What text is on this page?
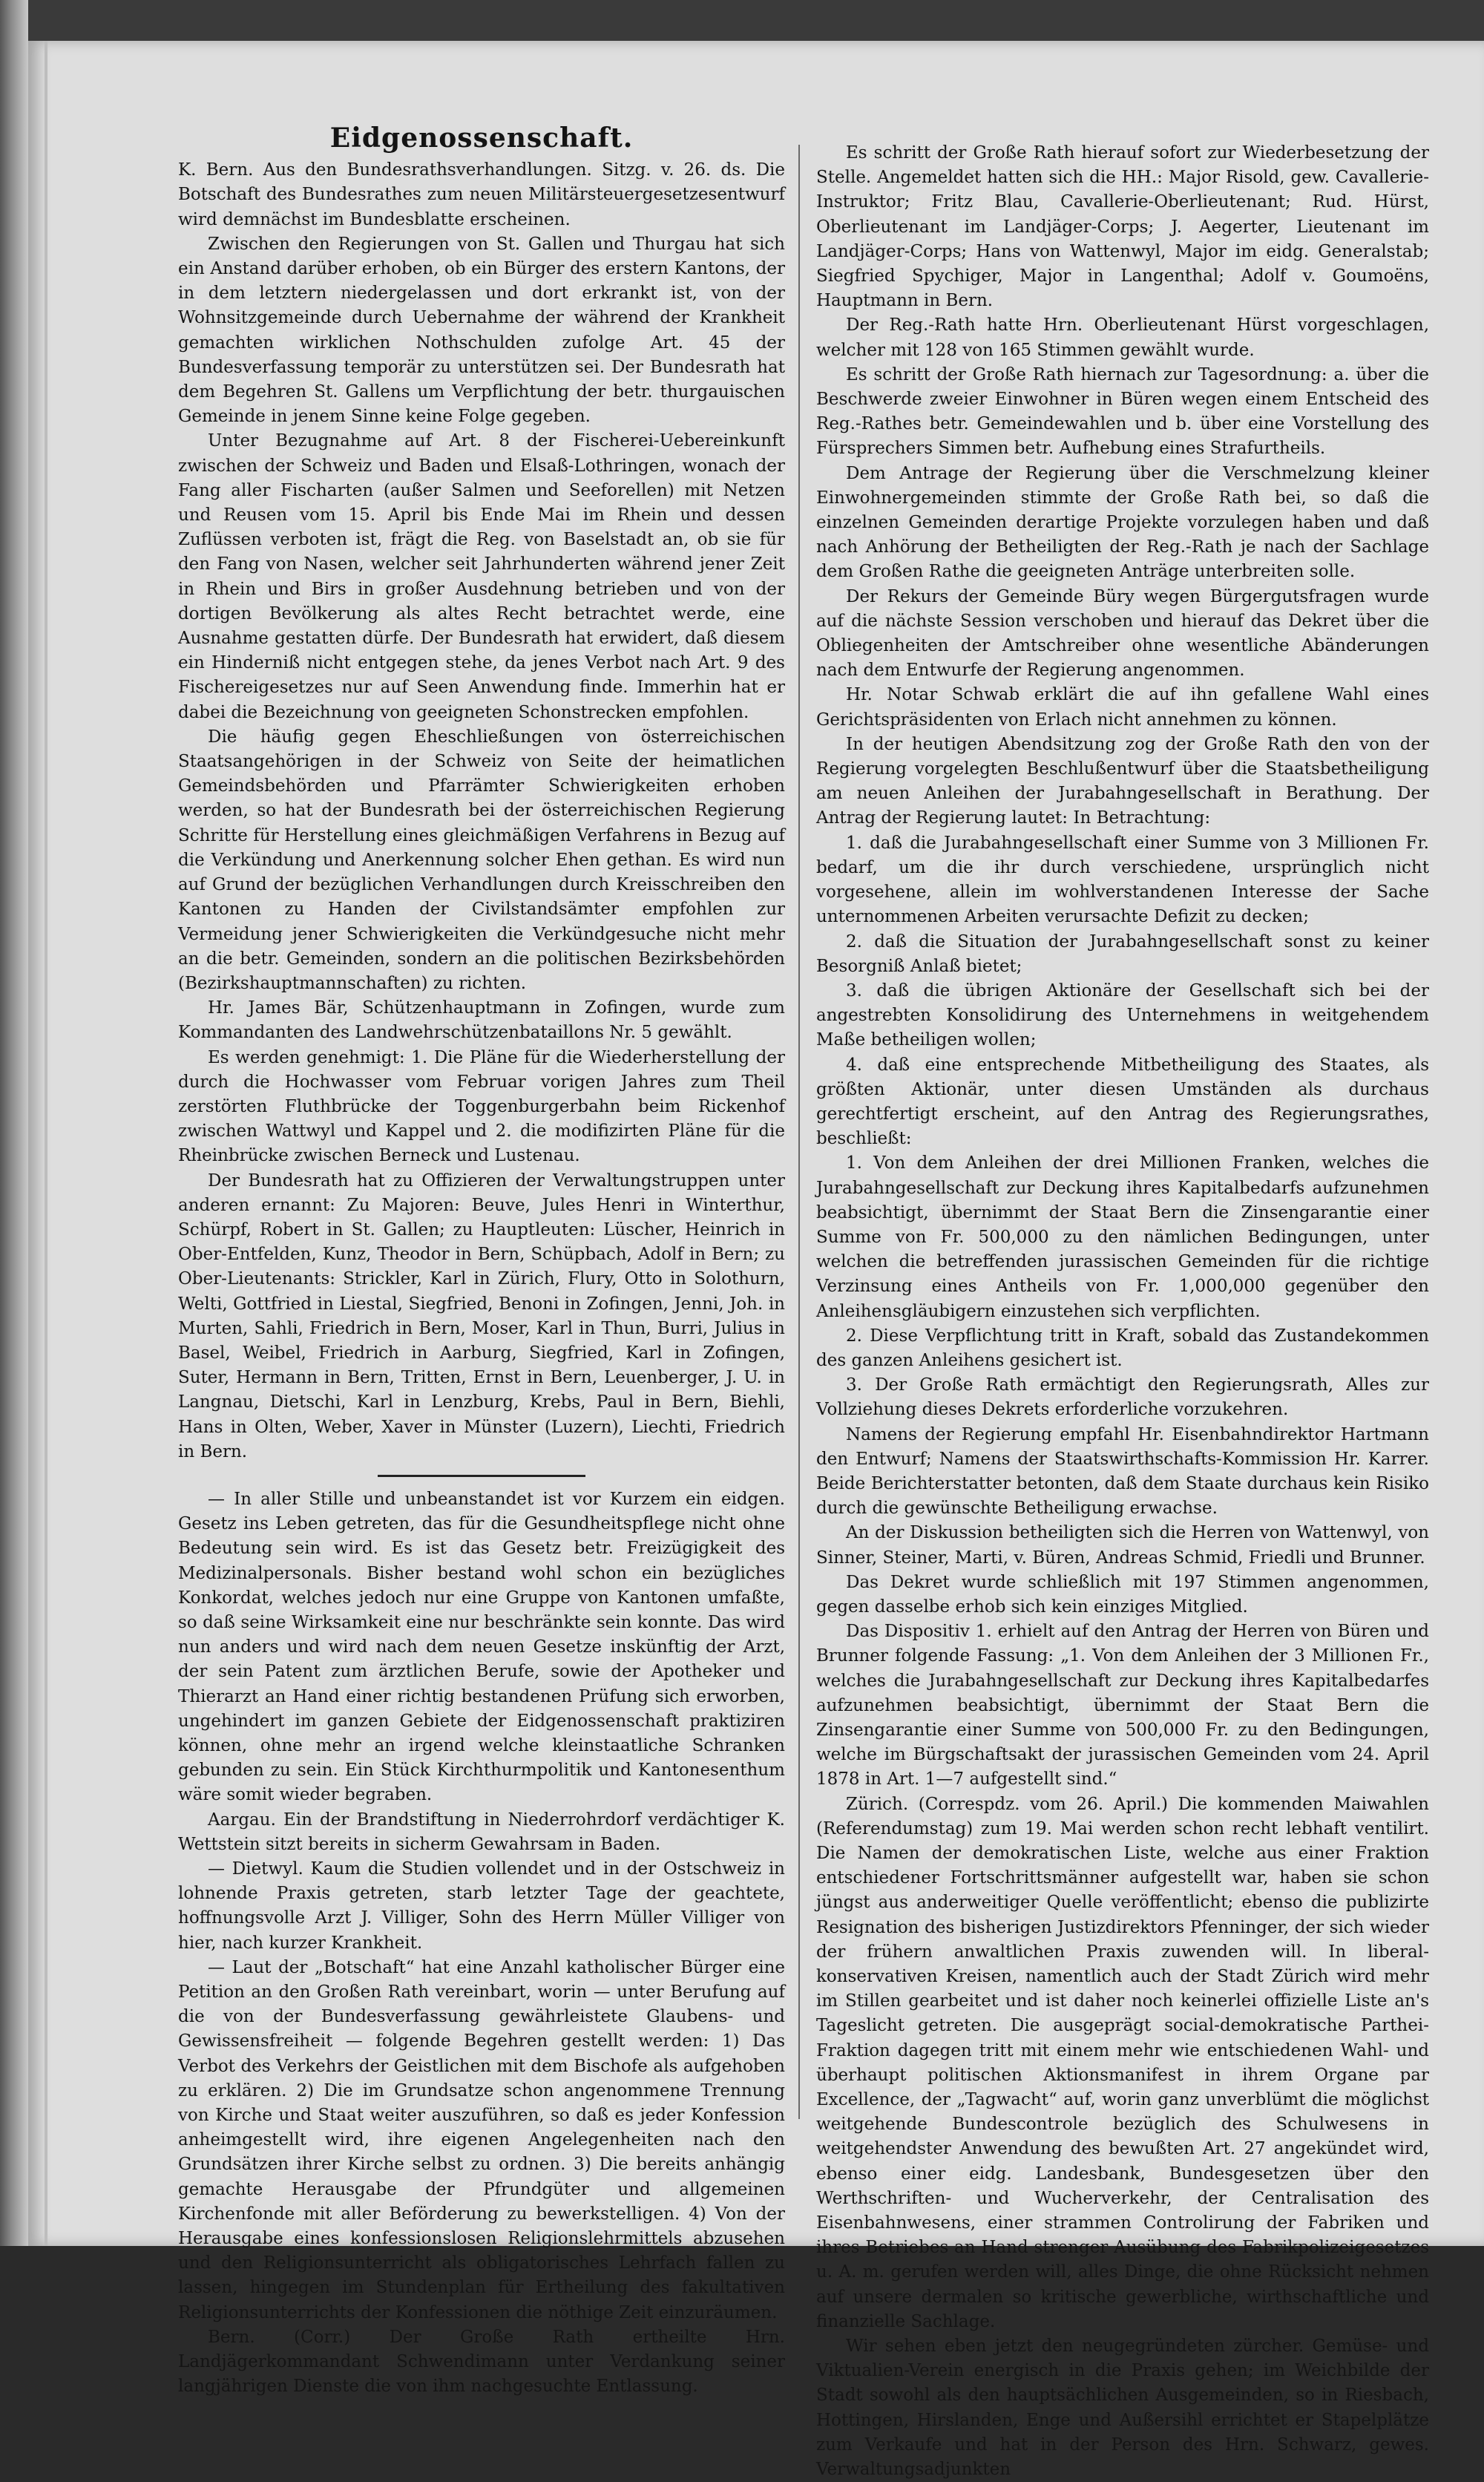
Eidgenossenschaft.

K. Bern. Aus den Bundesrathsverhandlungen. Sitzg. v. 26. ds. Die Botschaft des Bundesrathes zum neuen Militärsteuergesetzesentwurf wird demnächst im Bundesblatte erscheinen.

Zwischen den Regierungen von St. Gallen und Thurgau hat sich ein Anstand darüber erhoben, ob ein Bürger des erstern Kantons, der in dem letztern niedergelassen und dort erkrankt ist, von der Wohnsitzgemeinde durch Uebernahme der während der Krankheit gemachten wirklichen Nothschulden zufolge Art. 45 der Bundesverfassung temporär zu unterstützen sei. Der Bundesrath hat dem Begehren St. Gallens um Verpflichtung der betr. thurgauischen Gemeinde in jenem Sinne keine Folge gegeben.

Unter Bezugnahme auf Art. 8 der Fischerei-Uebereinkunft zwischen der Schweiz und Baden und Elsaß-Lothringen, wonach der Fang aller Fischarten (außer Salmen und Seeforellen) mit Netzen und Reusen vom 15. April bis Ende Mai im Rhein und dessen Zuflüssen verboten ist, frägt die Reg. von Baselstadt an, ob sie für den Fang von Nasen, welcher seit Jahrhunderten während jener Zeit in Rhein und Birs in großer Ausdehnung betrieben und von der dortigen Bevölkerung als altes Recht betrachtet werde, eine Ausnahme gestatten dürfe. Der Bundesrath hat erwidert, daß diesem ein Hinderniß nicht entgegen stehe, da jenes Verbot nach Art. 9 des Fischereigesetzes nur auf Seen Anwendung finde. Immerhin hat er dabei die Bezeichnung von geeigneten Schonstrecken empfohlen.

Die häufig gegen Eheschließungen von österreichischen Staatsangehörigen in der Schweiz von Seite der heimatlichen Gemeindsbehörden und Pfarrämter Schwierigkeiten erhoben werden, so hat der Bundesrath bei der österreichischen Regierung Schritte für Herstellung eines gleichmäßigen Verfahrens in Bezug auf die Verkündung und Anerkennung solcher Ehen gethan. Es wird nun auf Grund der bezüglichen Verhandlungen durch Kreisschreiben den Kantonen zu Handen der Civilstandsämter empfohlen zur Vermeidung jener Schwierigkeiten die Verkündgesuche nicht mehr an die betr. Gemeinden, sondern an die politischen Bezirksbehörden (Bezirkshauptmannschaften) zu richten.

Hr. James Bär, Schützenhauptmann in Zofingen, wurde zum Kommandanten des Landwehrschützenbataillons Nr. 5 gewählt.

Es werden genehmigt: 1. Die Pläne für die Wiederherstellung der durch die Hochwasser vom Februar vorigen Jahres zum Theil zerstörten Fluthbrücke der Toggenburgerbahn beim Rickenhof zwischen Wattwyl und Kappel und 2. die modifizirten Pläne für die Rheinbrücke zwischen Berneck und Lustenau.

Der Bundesrath hat zu Offizieren der Verwaltungstruppen unter anderen ernannt: Zu Majoren: Beuve, Jules Henri in Winterthur, Schürpf, Robert in St. Gallen; zu Hauptleuten: Lüscher, Heinrich in Ober-Entfelden, Kunz, Theodor in Bern, Schüpbach, Adolf in Bern; zu Ober-Lieutenants: Strickler, Karl in Zürich, Flury, Otto in Solothurn, Welti, Gottfried in Liestal, Siegfried, Benoni in Zofingen, Jenni, Joh. in Murten, Sahli, Friedrich in Bern, Moser, Karl in Thun, Burri, Julius in Basel, Weibel, Friedrich in Aarburg, Siegfried, Karl in Zofingen, Suter, Hermann in Bern, Tritten, Ernst in Bern, Leuenberger, J. U. in Langnau, Dietschi, Karl in Lenzburg, Krebs, Paul in Bern, Biehli, Hans in Olten, Weber, Xaver in Münster (Luzern), Liechti, Friedrich in Bern.

— In aller Stille und unbeanstandet ist vor Kurzem ein eidgen. Gesetz ins Leben getreten, das für die Gesundheitspflege nicht ohne Bedeutung sein wird. Es ist das Gesetz betr. Freizügigkeit des Medizinalpersonals. Bisher bestand wohl schon ein bezügliches Konkordat, welches jedoch nur eine Gruppe von Kantonen umfaßte, so daß seine Wirksamkeit eine nur beschränkte sein konnte. Das wird nun anders und wird nach dem neuen Gesetze inskünftig der Arzt, der sein Patent zum ärztlichen Berufe, sowie der Apotheker und Thierarzt an Hand einer richtig bestandenen Prüfung sich erworben, ungehindert im ganzen Gebiete der Eidgenossenschaft praktiziren können, ohne mehr an irgend welche kleinstaatliche Schranken gebunden zu sein. Ein Stück Kirchthurmpolitik und Kantonesenthum wäre somit wieder begraben.

Aargau. Ein der Brandstiftung in Niederrohrdorf verdächtiger K. Wettstein sitzt bereits in sicherm Gewahrsam in Baden.

— Dietwyl. Kaum die Studien vollendet und in der Ostschweiz in lohnende Praxis getreten, starb letzter Tage der geachtete, hoffnungsvolle Arzt J. Villiger, Sohn des Herrn Müller Villiger von hier, nach kurzer Krankheit.

— Laut der „Botschaft“ hat eine Anzahl katholischer Bürger eine Petition an den Großen Rath vereinbart, worin — unter Berufung auf die von der Bundesverfassung gewährleistete Glaubens- und Gewissensfreiheit — folgende Begehren gestellt werden: 1) Das Verbot des Verkehrs der Geistlichen mit dem Bischofe als aufgehoben zu erklären. 2) Die im Grundsatze schon angenommene Trennung von Kirche und Staat weiter auszuführen, so daß es jeder Konfession anheimgestellt wird, ihre eigenen Angelegenheiten nach den Grundsätzen ihrer Kirche selbst zu ordnen. 3) Die bereits anhängig gemachte Herausgabe der Pfrundgüter und allgemeinen Kirchenfonde mit aller Beförderung zu bewerkstelligen. 4) Von der Herausgabe eines konfessionslosen Religionslehrmittels abzusehen und den Religionsunterricht als obligatorisches Lehrfach fallen zu lassen, hingegen im Stundenplan für Ertheilung des fakultativen Religionsunterrichts der Konfessionen die nöthige Zeit einzuräumen.

Bern. (Corr.) Der Große Rath ertheilte Hrn. Landjägerkommandant Schwendimann unter Verdankung seiner langjährigen Dienste die von ihm nachgesuchte Entlassung.

Es schritt der Große Rath hierauf sofort zur Wiederbesetzung der Stelle. Angemeldet hatten sich die HH.: Major Risold, gew. Cavallerie-Instruktor; Fritz Blau, Cavallerie-Oberlieutenant; Rud. Hürst, Oberlieutenant im Landjäger-Corps; J. Aegerter, Lieutenant im Landjäger-Corps; Hans von Wattenwyl, Major im eidg. Generalstab; Siegfried Spychiger, Major in Langenthal; Adolf v. Goumoëns, Hauptmann in Bern.

Der Reg.-Rath hatte Hrn. Oberlieutenant Hürst vorgeschlagen, welcher mit 128 von 165 Stimmen gewählt wurde.

Es schritt der Große Rath hiernach zur Tagesordnung: a. über die Beschwerde zweier Einwohner in Büren wegen einem Entscheid des Reg.-Rathes betr. Gemeindewahlen und b. über eine Vorstellung des Fürsprechers Simmen betr. Aufhebung eines Strafurtheils.

Dem Antrage der Regierung über die Verschmelzung kleiner Einwohnergemeinden stimmte der Große Rath bei, so daß die einzelnen Gemeinden derartige Projekte vorzulegen haben und daß nach Anhörung der Betheiligten der Reg.-Rath je nach der Sachlage dem Großen Rathe die geeigneten Anträge unterbreiten solle.

Der Rekurs der Gemeinde Büry wegen Bürgergutsfragen wurde auf die nächste Session verschoben und hierauf das Dekret über die Obliegenheiten der Amtschreiber ohne wesentliche Abänderungen nach dem Entwurfe der Regierung angenommen.

Hr. Notar Schwab erklärt die auf ihn gefallene Wahl eines Gerichtspräsidenten von Erlach nicht annehmen zu können.

In der heutigen Abendsitzung zog der Große Rath den von der Regierung vorgelegten Beschlußentwurf über die Staatsbetheiligung am neuen Anleihen der Jurabahngesellschaft in Berathung. Der Antrag der Regierung lautet: In Betrachtung:

1. daß die Jurabahngesellschaft einer Summe von 3 Millionen Fr. bedarf, um die ihr durch verschiedene, ursprünglich nicht vorgesehene, allein im wohlverstandenen Interesse der Sache unternommenen Arbeiten verursachte Defizit zu decken;

2. daß die Situation der Jurabahngesellschaft sonst zu keiner Besorgniß Anlaß bietet;

3. daß die übrigen Aktionäre der Gesellschaft sich bei der angestrebten Konsolidirung des Unternehmens in weitgehendem Maße betheiligen wollen;

4. daß eine entsprechende Mitbetheiligung des Staates, als größten Aktionär, unter diesen Umständen als durchaus gerechtfertigt erscheint, auf den Antrag des Regierungsrathes, beschließt:

1. Von dem Anleihen der drei Millionen Franken, welches die Jurabahngesellschaft zur Deckung ihres Kapitalbedarfs aufzunehmen beabsichtigt, übernimmt der Staat Bern die Zinsengarantie einer Summe von Fr. 500,000 zu den nämlichen Bedingungen, unter welchen die betreffenden jurassischen Gemeinden für die richtige Verzinsung eines Antheils von Fr. 1,000,000 gegenüber den Anleihensgläubigern einzustehen sich verpflichten.

2. Diese Verpflichtung tritt in Kraft, sobald das Zustandekommen des ganzen Anleihens gesichert ist.

3. Der Große Rath ermächtigt den Regierungsrath, Alles zur Vollziehung dieses Dekrets erforderliche vorzukehren.

Namens der Regierung empfahl Hr. Eisenbahndirektor Hartmann den Entwurf; Namens der Staatswirthschafts-Kommission Hr. Karrer. Beide Berichterstatter betonten, daß dem Staate durchaus kein Risiko durch die gewünschte Betheiligung erwachse.

An der Diskussion betheiligten sich die Herren von Wattenwyl, von Sinner, Steiner, Marti, v. Büren, Andreas Schmid, Friedli und Brunner.

Das Dekret wurde schließlich mit 197 Stimmen angenommen, gegen dasselbe erhob sich kein einziges Mitglied.

Das Dispositiv 1. erhielt auf den Antrag der Herren von Büren und Brunner folgende Fassung: „1. Von dem Anleihen der 3 Millionen Fr., welches die Jurabahngesellschaft zur Deckung ihres Kapitalbedarfes aufzunehmen beabsichtigt, übernimmt der Staat Bern die Zinsengarantie einer Summe von 500,000 Fr. zu den Bedingungen, welche im Bürgschaftsakt der jurassischen Gemeinden vom 24. April 1878 in Art. 1—7 aufgestellt sind.“

Zürich. (Correspdz. vom 26. April.) Die kommenden Maiwahlen (Referendumstag) zum 19. Mai werden schon recht lebhaft ventilirt. Die Namen der demokratischen Liste, welche aus einer Fraktion entschiedener Fortschrittsmänner aufgestellt war, haben sie schon jüngst aus anderweitiger Quelle veröffentlicht; ebenso die publizirte Resignation des bisherigen Justizdirektors Pfenninger, der sich wieder der frühern anwaltlichen Praxis zuwenden will. In liberal-konservativen Kreisen, namentlich auch der Stadt Zürich wird mehr im Stillen gearbeitet und ist daher noch keinerlei offizielle Liste an's Tageslicht getreten. Die ausgeprägt social-demokratische Parthei-Fraktion dagegen tritt mit einem mehr wie entschiedenen Wahl- und überhaupt politischen Aktionsmanifest in ihrem Organe par Excellence, der „Tagwacht“ auf, worin ganz unverblümt die möglichst weitgehende Bundescontrole bezüglich des Schulwesens in weitgehendster Anwendung des bewußten Art. 27 angekündet wird, ebenso einer eidg. Landesbank, Bundesgesetzen über den Werthschriften- und Wucherverkehr, der Centralisation des Eisenbahnwesens, einer strammen Controlirung der Fabriken und ihres Betriebes an Hand strenger Ausübung des Fabrikpolizeigesetzes u. A. m. gerufen werden will, alles Dinge, die ohne Rücksicht nehmen auf unsere dermalen so kritische gewerbliche, wirthschaftliche und finanzielle Sachlage.

Wir sehen eben jetzt den neugegründeten zürcher. Gemüse- und Viktualien-Verein energisch in die Praxis gehen; im Weichbilde der Stadt sowohl als den hauptsächlichen Ausgemeinden, so in Riesbach, Hottingen, Hirslanden, Enge und Außersihl errichtet er Stapelplätze zum Verkaufe und hat in der Person des Hrn. Schwarz, gewes. Verwaltungsadjunkten
